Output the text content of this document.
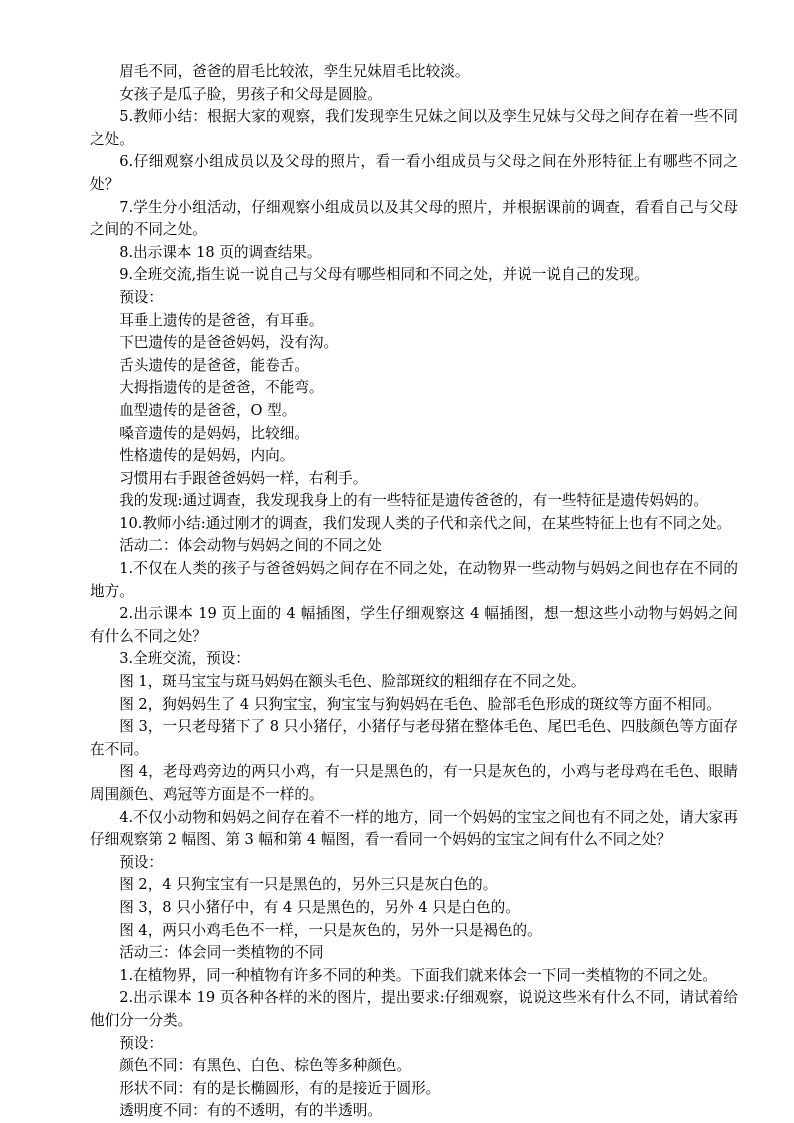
眉毛不同，爸爸的眉毛比较浓，孪生兄妹眉毛比较淡。

女孩子是瓜子脸，男孩子和父母是圆脸。

5.教师小结：根据大家的观察，我们发现孪生兄妹之间以及孪生兄妹与父母之间存在着一些不同之处。

6.仔细观察小组成员以及父母的照片，看一看小组成员与父母之间在外形特征上有哪些不同之处？

7.学生分小组活动，仔细观察小组成员以及其父母的照片，并根据课前的调查，看看自己与父母之间的不同之处。

8.出示课本 18 页的调查结果。

9.全班交流,指生说一说自己与父母有哪些相同和不同之处，并说一说自己的发现。

预设：

耳垂上遗传的是爸爸，有耳垂。

下巴遗传的是爸爸妈妈，没有沟。

舌头遗传的是爸爸，能卷舌。

大拇指遗传的是爸爸，不能弯。

血型遗传的是爸爸，O 型。

嗓音遗传的是妈妈，比较细。

性格遗传的是妈妈，内向。

习惯用右手跟爸爸妈妈一样，右利手。

我的发现:通过调查，我发现我身上的有一些特征是遗传爸爸的，有一些特征是遗传妈妈的。

10.教师小结:通过刚才的调查，我们发现人类的子代和亲代之间，在某些特征上也有不同之处。

活动二：体会动物与妈妈之间的不同之处

1.不仅在人类的孩子与爸爸妈妈之间存在不同之处，在动物界一些动物与妈妈之间也存在不同的地方。

2.出示课本 19 页上面的 4 幅插图，学生仔细观察这 4 幅插图，想一想这些小动物与妈妈之间有什么不同之处？

3.全班交流，预设：

图 1，斑马宝宝与斑马妈妈在额头毛色、脸部斑纹的粗细存在不同之处。

图 2，狗妈妈生了 4 只狗宝宝，狗宝宝与狗妈妈在毛色、脸部毛色形成的斑纹等方面不相同。

图 3，一只老母猪下了 8 只小猪仔，小猪仔与老母猪在整体毛色、尾巴毛色、四肢颜色等方面存在不同。

图 4，老母鸡旁边的两只小鸡，有一只是黑色的，有一只是灰色的，小鸡与老母鸡在毛色、眼睛周围颜色、鸡冠等方面是不一样的。

4.不仅小动物和妈妈之间存在着不一样的地方，同一个妈妈的宝宝之间也有不同之处，请大家再仔细观察第 2 幅图、第 3 幅和第 4 幅图，看一看同一个妈妈的宝宝之间有什么不同之处？

预设：

图 2，4 只狗宝宝有一只是黑色的，另外三只是灰白色的。

图 3，8 只小猪仔中，有 4 只是黑色的，另外 4 只是白色的。

图 4，两只小鸡毛色不一样，一只是灰色的，另外一只是褐色的。

活动三：体会同一类植物的不同

1.在植物界，同一种植物有许多不同的种类。下面我们就来体会一下同一类植物的不同之处。

2.出示课本 19 页各种各样的米的图片，提出要求:仔细观察，说说这些米有什么不同，请试着给他们分一分类。

预设：

颜色不同：有黑色、白色、棕色等多种颜色。

形状不同：有的是长椭圆形，有的是接近于圆形。

透明度不同：有的不透明，有的半透明。
